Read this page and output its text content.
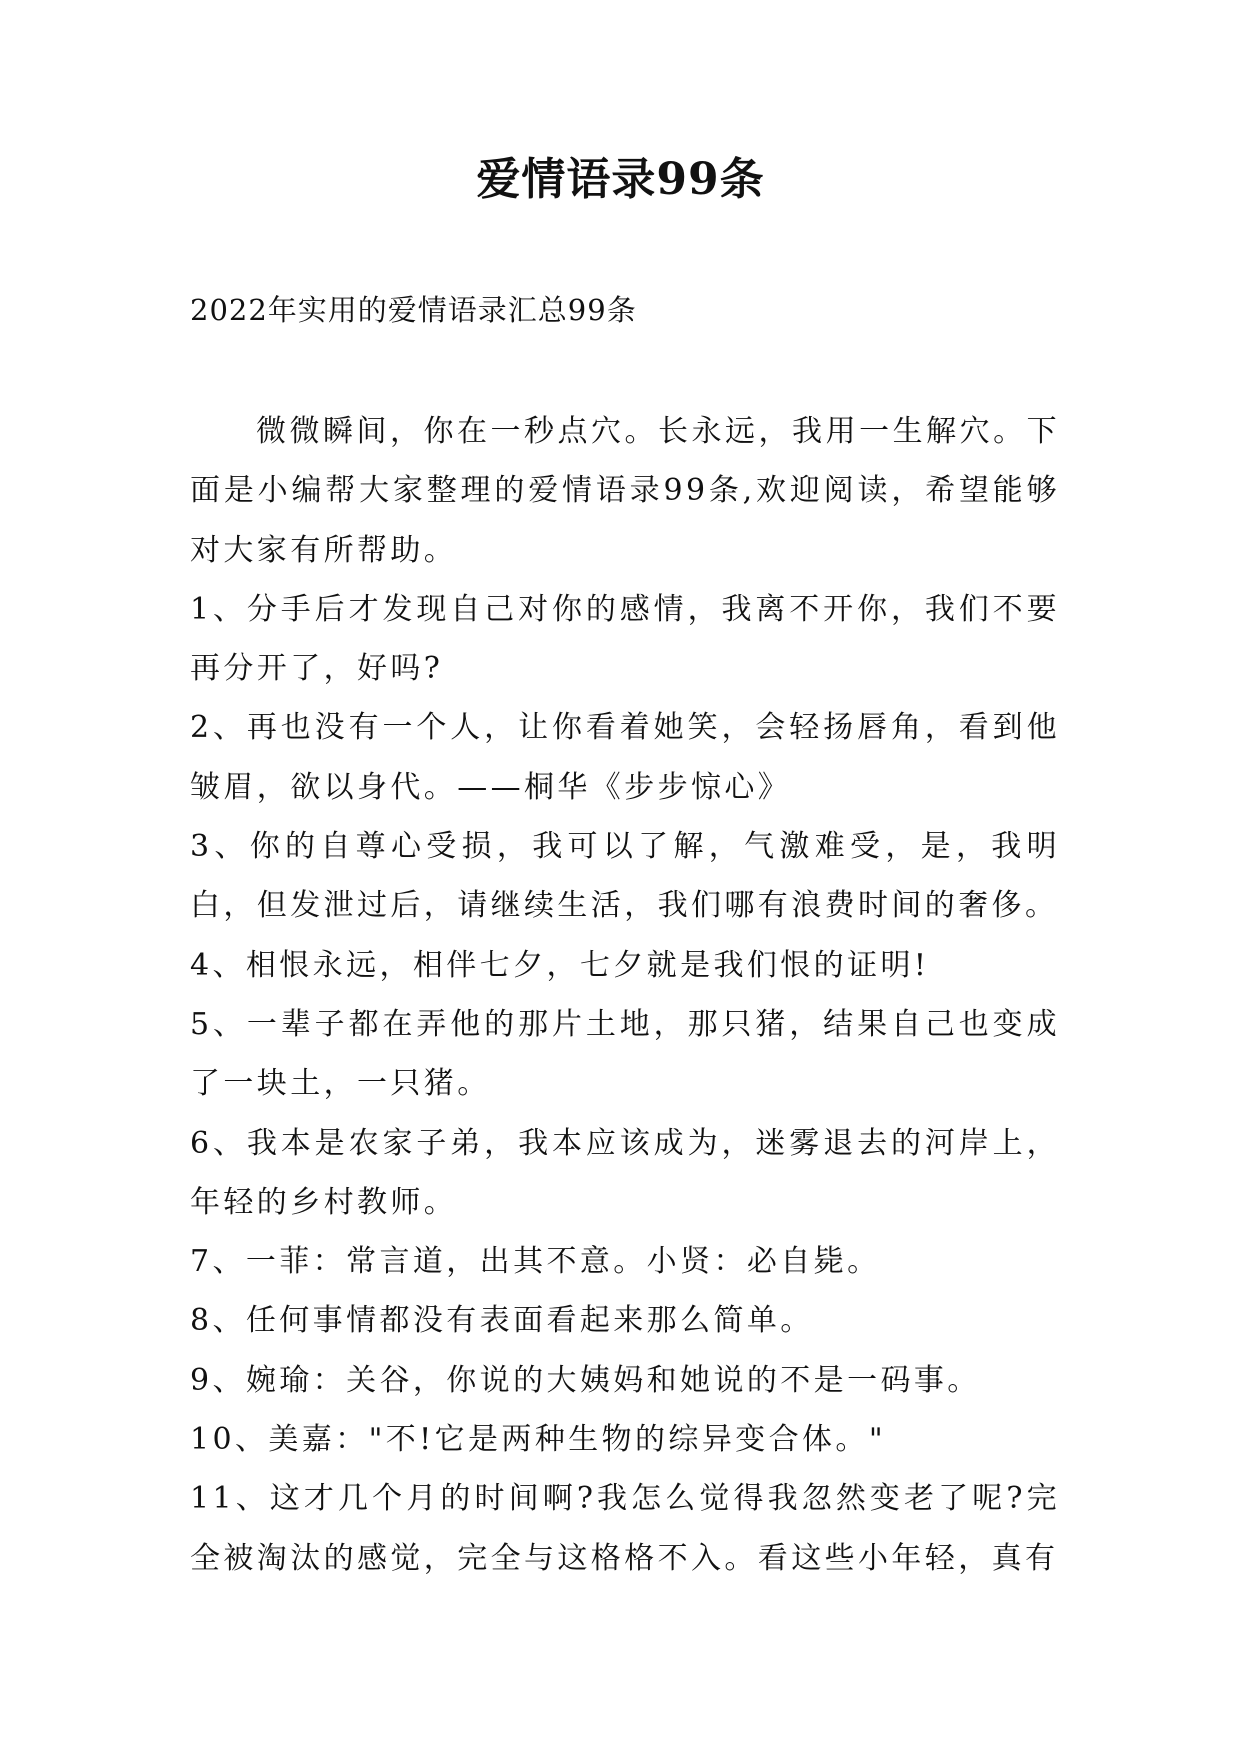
爱情语录99条
2022年实用的爱情语录汇总99条

微微瞬间，你在一秒点穴。长永远，我用一生解穴。下面是小编帮大家整理的爱情语录99条,欢迎阅读，希望能够对大家有所帮助。

1、分手后才发现自己对你的感情，我离不开你，我们不要再分开了，好吗?

2、再也没有一个人，让你看着她笑，会轻扬唇角，看到他皱眉，欲以身代。——桐华《步步惊心》

3、你的自尊心受损，我可以了解，气激难受，是，我明白，但发泄过后，请继续生活，我们哪有浪费时间的奢侈。

4、相恨永远，相伴七夕，七夕就是我们恨的证明!

5、一辈子都在弄他的那片土地，那只猪，结果自己也变成了一块土，一只猪。

6、我本是农家子弟，我本应该成为，迷雾退去的河岸上，年轻的乡村教师。

7、一菲：常言道，出其不意。小贤：必自毙。

8、任何事情都没有表面看起来那么简单。

9、婉瑜：关谷，你说的大姨妈和她说的不是一码事。

10、美嘉："不!它是两种生物的综异变合体。"

11、这才几个月的时间啊?我怎么觉得我忽然变老了呢?完全被淘汰的感觉，完全与这格格不入。看这些小年轻，真有
